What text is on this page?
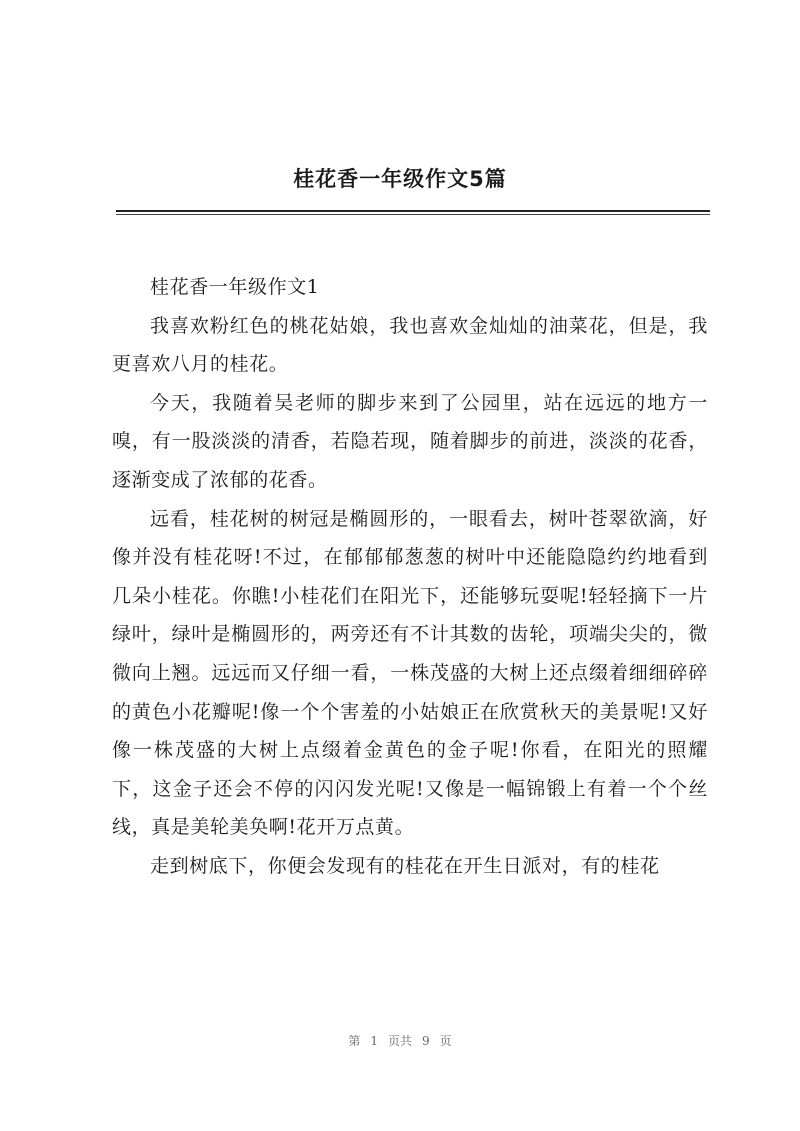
桂花香一年级作文5篇

桂花香一年级作文1

我喜欢粉红色的桃花姑娘，我也喜欢金灿灿的油菜花，但是，我更喜欢八月的桂花。

今天，我随着吴老师的脚步来到了公园里，站在远远的地方一嗅，有一股淡淡的清香，若隐若现，随着脚步的前进，淡淡的花香，逐渐变成了浓郁的花香。

远看，桂花树的树冠是椭圆形的，一眼看去，树叶苍翠欲滴，好像并没有桂花呀!不过，在郁郁郁葱葱的树叶中还能隐隐约约地看到几朵小桂花。你瞧!小桂花们在阳光下，还能够玩耍呢!轻轻摘下一片绿叶，绿叶是椭圆形的，两旁还有不计其数的齿轮，项端尖尖的，微微向上翘。远远而又仔细一看，一株茂盛的大树上还点缀着细细碎碎的黄色小花瓣呢!像一个个害羞的小姑娘正在欣赏秋天的美景呢!又好像一株茂盛的大树上点缀着金黄色的金子呢!你看，在阳光的照耀下，这金子还会不停的闪闪发光呢!又像是一幅锦锻上有着一个个丝线，真是美轮美奂啊!花开万点黄。

走到树底下，你便会发现有的桂花在开生日派对，有的桂花

第 1 页共 9 页
